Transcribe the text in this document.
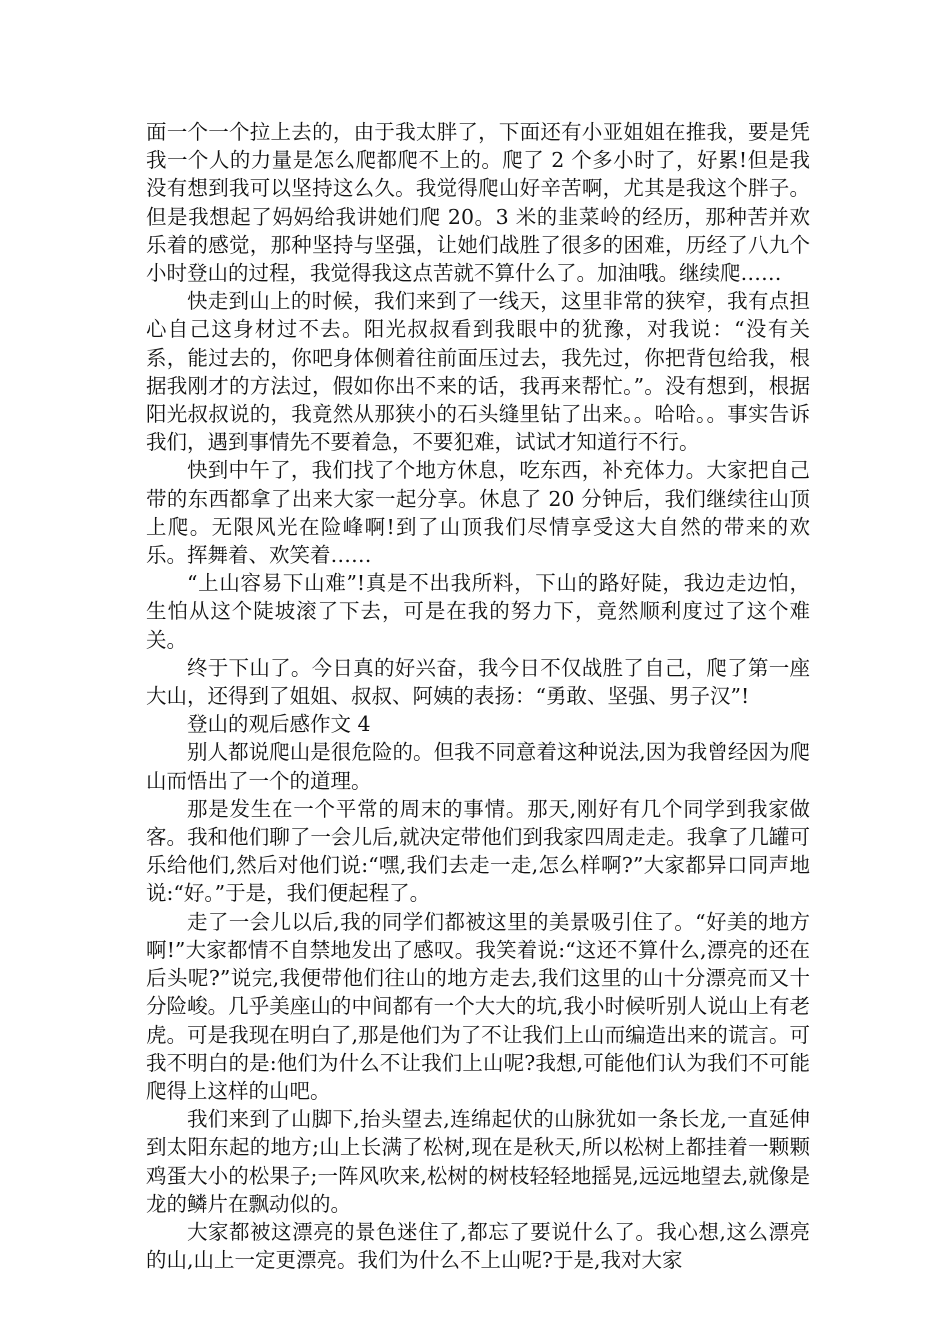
面一个一个拉上去的，由于我太胖了，下面还有小亚姐姐在推我，要是凭我一个人的力量是怎么爬都爬不上的。爬了 2 个多小时了，好累!但是我没有想到我可以坚持这么久。我觉得爬山好辛苦啊，尤其是我这个胖子。但是我想起了妈妈给我讲她们爬 20。3 米的韭菜岭的经历，那种苦并欢乐着的感觉，那种坚持与坚强，让她们战胜了很多的困难，历经了八九个小时登山的过程，我觉得我这点苦就不算什么了。加油哦。继续爬……

快走到山上的时候，我们来到了一线天，这里非常的狭窄，我有点担心自己这身材过不去。阳光叔叔看到我眼中的犹豫，对我说：“没有关系，能过去的，你吧身体侧着往前面压过去，我先过，你把背包给我，根据我刚才的方法过，假如你出不来的话，我再来帮忙。”。没有想到，根据阳光叔叔说的，我竟然从那狭小的石头缝里钻了出来。。哈哈。。事实告诉我们，遇到事情先不要着急，不要犯难，试试才知道行不行。

快到中午了，我们找了个地方休息，吃东西，补充体力。大家把自己带的东西都拿了出来大家一起分享。休息了 20 分钟后，我们继续往山顶上爬。无限风光在险峰啊!到了山顶我们尽情享受这大自然的带来的欢乐。挥舞着、欢笑着……

“上山容易下山难”!真是不出我所料，下山的路好陡，我边走边怕，生怕从这个陡坡滚了下去，可是在我的努力下，竟然顺利度过了这个难关。

终于下山了。今日真的好兴奋，我今日不仅战胜了自己，爬了第一座大山，还得到了姐姐、叔叔、阿姨的表扬：“勇敢、坚强、男子汉”!

登山的观后感作文 4

别人都说爬山是很危险的。但我不同意着这种说法,因为我曾经因为爬山而悟出了一个的道理。

那是发生在一个平常的周末的事情。那天,刚好有几个同学到我家做客。我和他们聊了一会儿后,就决定带他们到我家四周走走。我拿了几罐可乐给他们,然后对他们说:“嘿,我们去走一走,怎么样啊?”大家都异口同声地说:“好。”于是，我们便起程了。

走了一会儿以后,我的同学们都被这里的美景吸引住了。“好美的地方啊!”大家都情不自禁地发出了感叹。我笑着说:“这还不算什么,漂亮的还在后头呢?”说完,我便带他们往山的地方走去,我们这里的山十分漂亮而又十分险峻。几乎美座山的中间都有一个大大的坑,我小时候听别人说山上有老虎。可是我现在明白了,那是他们为了不让我们上山而编造出来的谎言。可我不明白的是:他们为什么不让我们上山呢?我想,可能他们认为我们不可能爬得上这样的山吧。

我们来到了山脚下,抬头望去,连绵起伏的山脉犹如一条长龙,一直延伸到太阳东起的地方;山上长满了松树,现在是秋天,所以松树上都挂着一颗颗鸡蛋大小的松果子;一阵风吹来,松树的树枝轻轻地摇晃,远远地望去,就像是龙的鳞片在飘动似的。

大家都被这漂亮的景色迷住了,都忘了要说什么了。我心想,这么漂亮的山,山上一定更漂亮。我们为什么不上山呢?于是,我对大家
